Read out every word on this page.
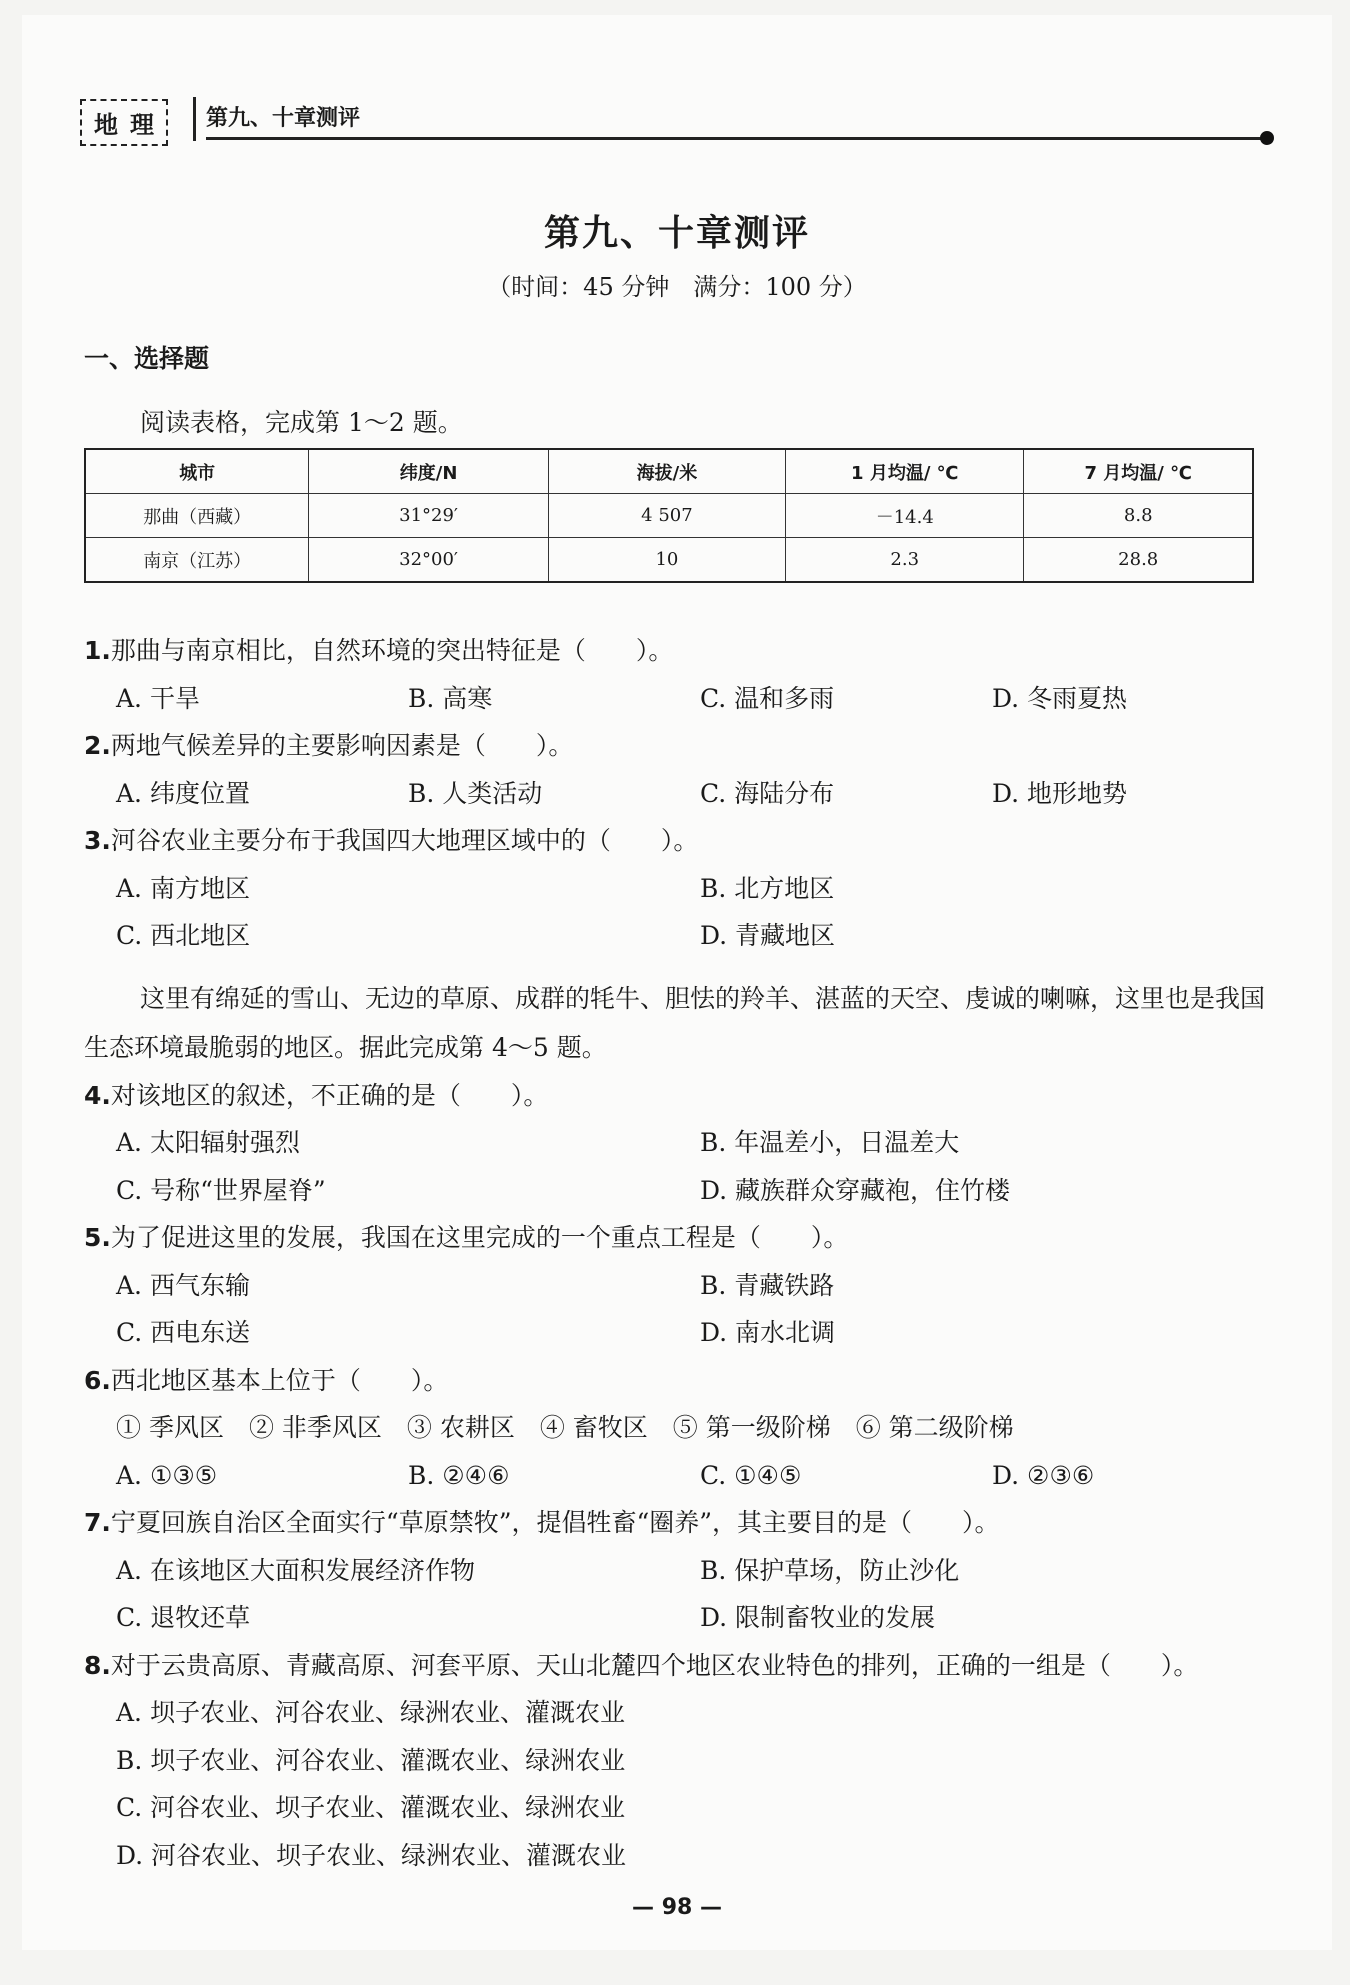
地 理 第九、十章测评
第九、十章测评
（时间：45 分钟　满分：100 分）
一、选择题
阅读表格，完成第 1～2 题。
城市	纬度/N	海拔/米	1 月均温/ ℃	7 月均温/ ℃
那曲（西藏）	31°29′	4 507	－14.4	8.8
南京（江苏）	32°00′	10	2.3	28.8
1.那曲与南京相比，自然环境的突出特征是（　　）。
A. 干旱	B. 高寒	C. 温和多雨	D. 冬雨夏热
2.两地气候差异的主要影响因素是（　　）。
A. 纬度位置	B. 人类活动	C. 海陆分布	D. 地形地势
3.河谷农业主要分布于我国四大地理区域中的（　　）。
A. 南方地区	B. 北方地区
C. 西北地区	D. 青藏地区
这里有绵延的雪山、无边的草原、成群的牦牛、胆怯的羚羊、湛蓝的天空、虔诚的喇嘛，这里也是我国生态环境最脆弱的地区。据此完成第 4～5 题。
4.对该地区的叙述，不正确的是（　　）。
A. 太阳辐射强烈	B. 年温差小，日温差大
C. 号称“世界屋脊”	D. 藏族群众穿藏袍，住竹楼
5.为了促进这里的发展，我国在这里完成的一个重点工程是（　　）。
A. 西气东输	B. 青藏铁路
C. 西电东送	D. 南水北调
6.西北地区基本上位于（　　）。
① 季风区　② 非季风区　③ 农耕区　④ 畜牧区　⑤ 第一级阶梯　⑥ 第二级阶梯
A. ①③⑤	B. ②④⑥	C. ①④⑤	D. ②③⑥
7.宁夏回族自治区全面实行“草原禁牧”，提倡牲畜“圈养”，其主要目的是（　　）。
A. 在该地区大面积发展经济作物	B. 保护草场，防止沙化
C. 退牧还草	D. 限制畜牧业的发展
8.对于云贵高原、青藏高原、河套平原、天山北麓四个地区农业特色的排列，正确的一组是（　　）。
A. 坝子农业、河谷农业、绿洲农业、灌溉农业
B. 坝子农业、河谷农业、灌溉农业、绿洲农业
C. 河谷农业、坝子农业、灌溉农业、绿洲农业
D. 河谷农业、坝子农业、绿洲农业、灌溉农业
— 98 —
